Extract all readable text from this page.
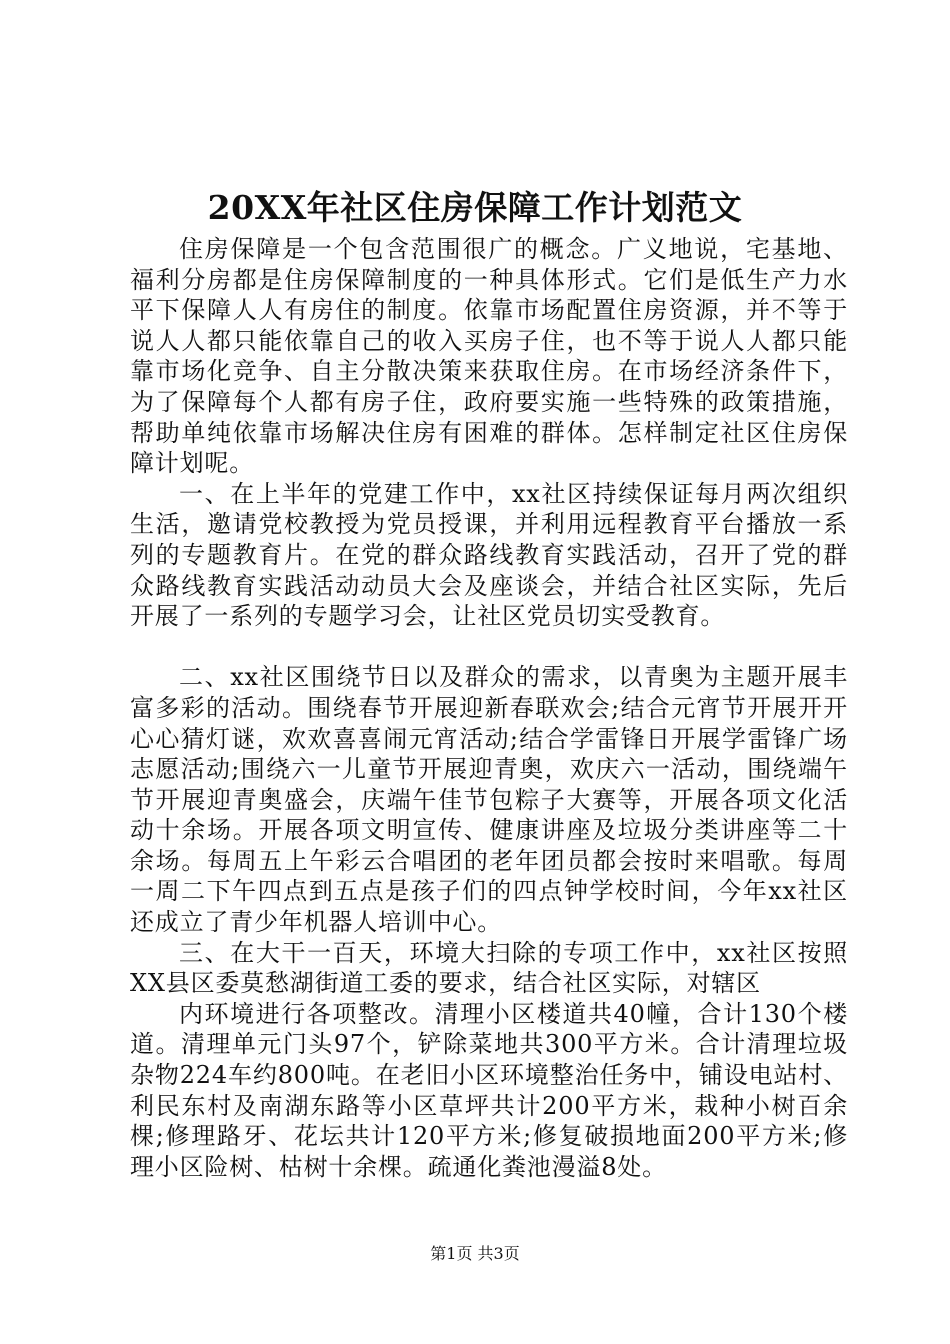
20XX年社区住房保障工作计划范文

住房保障是一个包含范围很广的概念。广义地说，宅基地、福利分房都是住房保障制度的一种具体形式。它们是低生产力水平下保障人人有房住的制度。依靠市场配置住房资源，并不等于说人人都只能依靠自己的收入买房子住，也不等于说人人都只能靠市场化竞争、自主分散决策来获取住房。在市场经济条件下，为了保障每个人都有房子住，政府要实施一些特殊的政策措施，帮助单纯依靠市场解决住房有困难的群体。怎样制定社区住房保障计划呢。

一、在上半年的党建工作中，xx社区持续保证每月两次组织生活，邀请党校教授为党员授课，并利用远程教育平台播放一系列的专题教育片。在党的群众路线教育实践活动，召开了党的群众路线教育实践活动动员大会及座谈会，并结合社区实际，先后开展了一系列的专题学习会，让社区党员切实受教育。

二、xx社区围绕节日以及群众的需求，以青奥为主题开展丰富多彩的活动。围绕春节开展迎新春联欢会;结合元宵节开展开开心心猜灯谜，欢欢喜喜闹元宵活动;结合学雷锋日开展学雷锋广场志愿活动;围绕六一儿童节开展迎青奥，欢庆六一活动，围绕端午节开展迎青奥盛会，庆端午佳节包粽子大赛等，开展各项文化活动十余场。开展各项文明宣传、健康讲座及垃圾分类讲座等二十余场。每周五上午彩云合唱团的老年团员都会按时来唱歌。每周一周二下午四点到五点是孩子们的四点钟学校时间，今年xx社区还成立了青少年机器人培训中心。

三、在大干一百天，环境大扫除的专项工作中，xx社区按照XX县区委莫愁湖街道工委的要求，结合社区实际，对辖区

内环境进行各项整改。清理小区楼道共40幢，合计130个楼道。清理单元门头97个，铲除菜地共300平方米。合计清理垃圾杂物224车约800吨。在老旧小区环境整治任务中，铺设电站村、利民东村及南湖东路等小区草坪共计200平方米，栽种小树百余棵;修理路牙、花坛共计120平方米;修复破损地面200平方米;修理小区险树、枯树十余棵。疏通化粪池漫溢8处。

第1页 共3页
